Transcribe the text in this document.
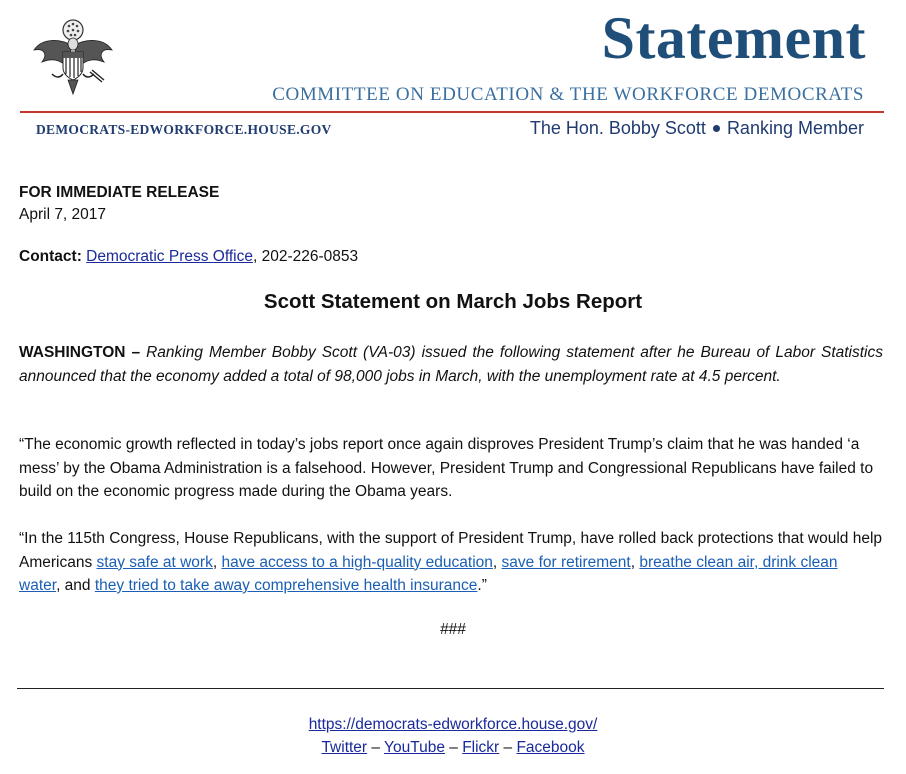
Statement
COMMITTEE ON EDUCATION & THE WORKFORCE DEMOCRATS
DEMOCRATS-EDWORKFORCE.HOUSE.GOV	The Hon. Bobby Scott Ranking Member
FOR IMMEDIATE RELEASE
April 7, 2017
Contact: Democratic Press Office, 202-226-0853
Scott Statement on March Jobs Report
WASHINGTON – Ranking Member Bobby Scott (VA-03) issued the following statement after he Bureau of Labor Statistics announced that the economy added a total of 98,000 jobs in March, with the unemployment rate at 4.5 percent.
“The economic growth reflected in today’s jobs report once again disproves President Trump’s claim that he was handed ‘a mess’ by the Obama Administration is a falsehood. However, President Trump and Congressional Republicans have failed to build on the economic progress made during the Obama years.
“In the 115th Congress, House Republicans, with the support of President Trump, have rolled back protections that would help Americans stay safe at work, have access to a high-quality education, save for retirement, breathe clean air, drink clean water, and they tried to take away comprehensive health insurance.”
###
https://democrats-edworkforce.house.gov/
Twitter – YouTube – Flickr – Facebook
